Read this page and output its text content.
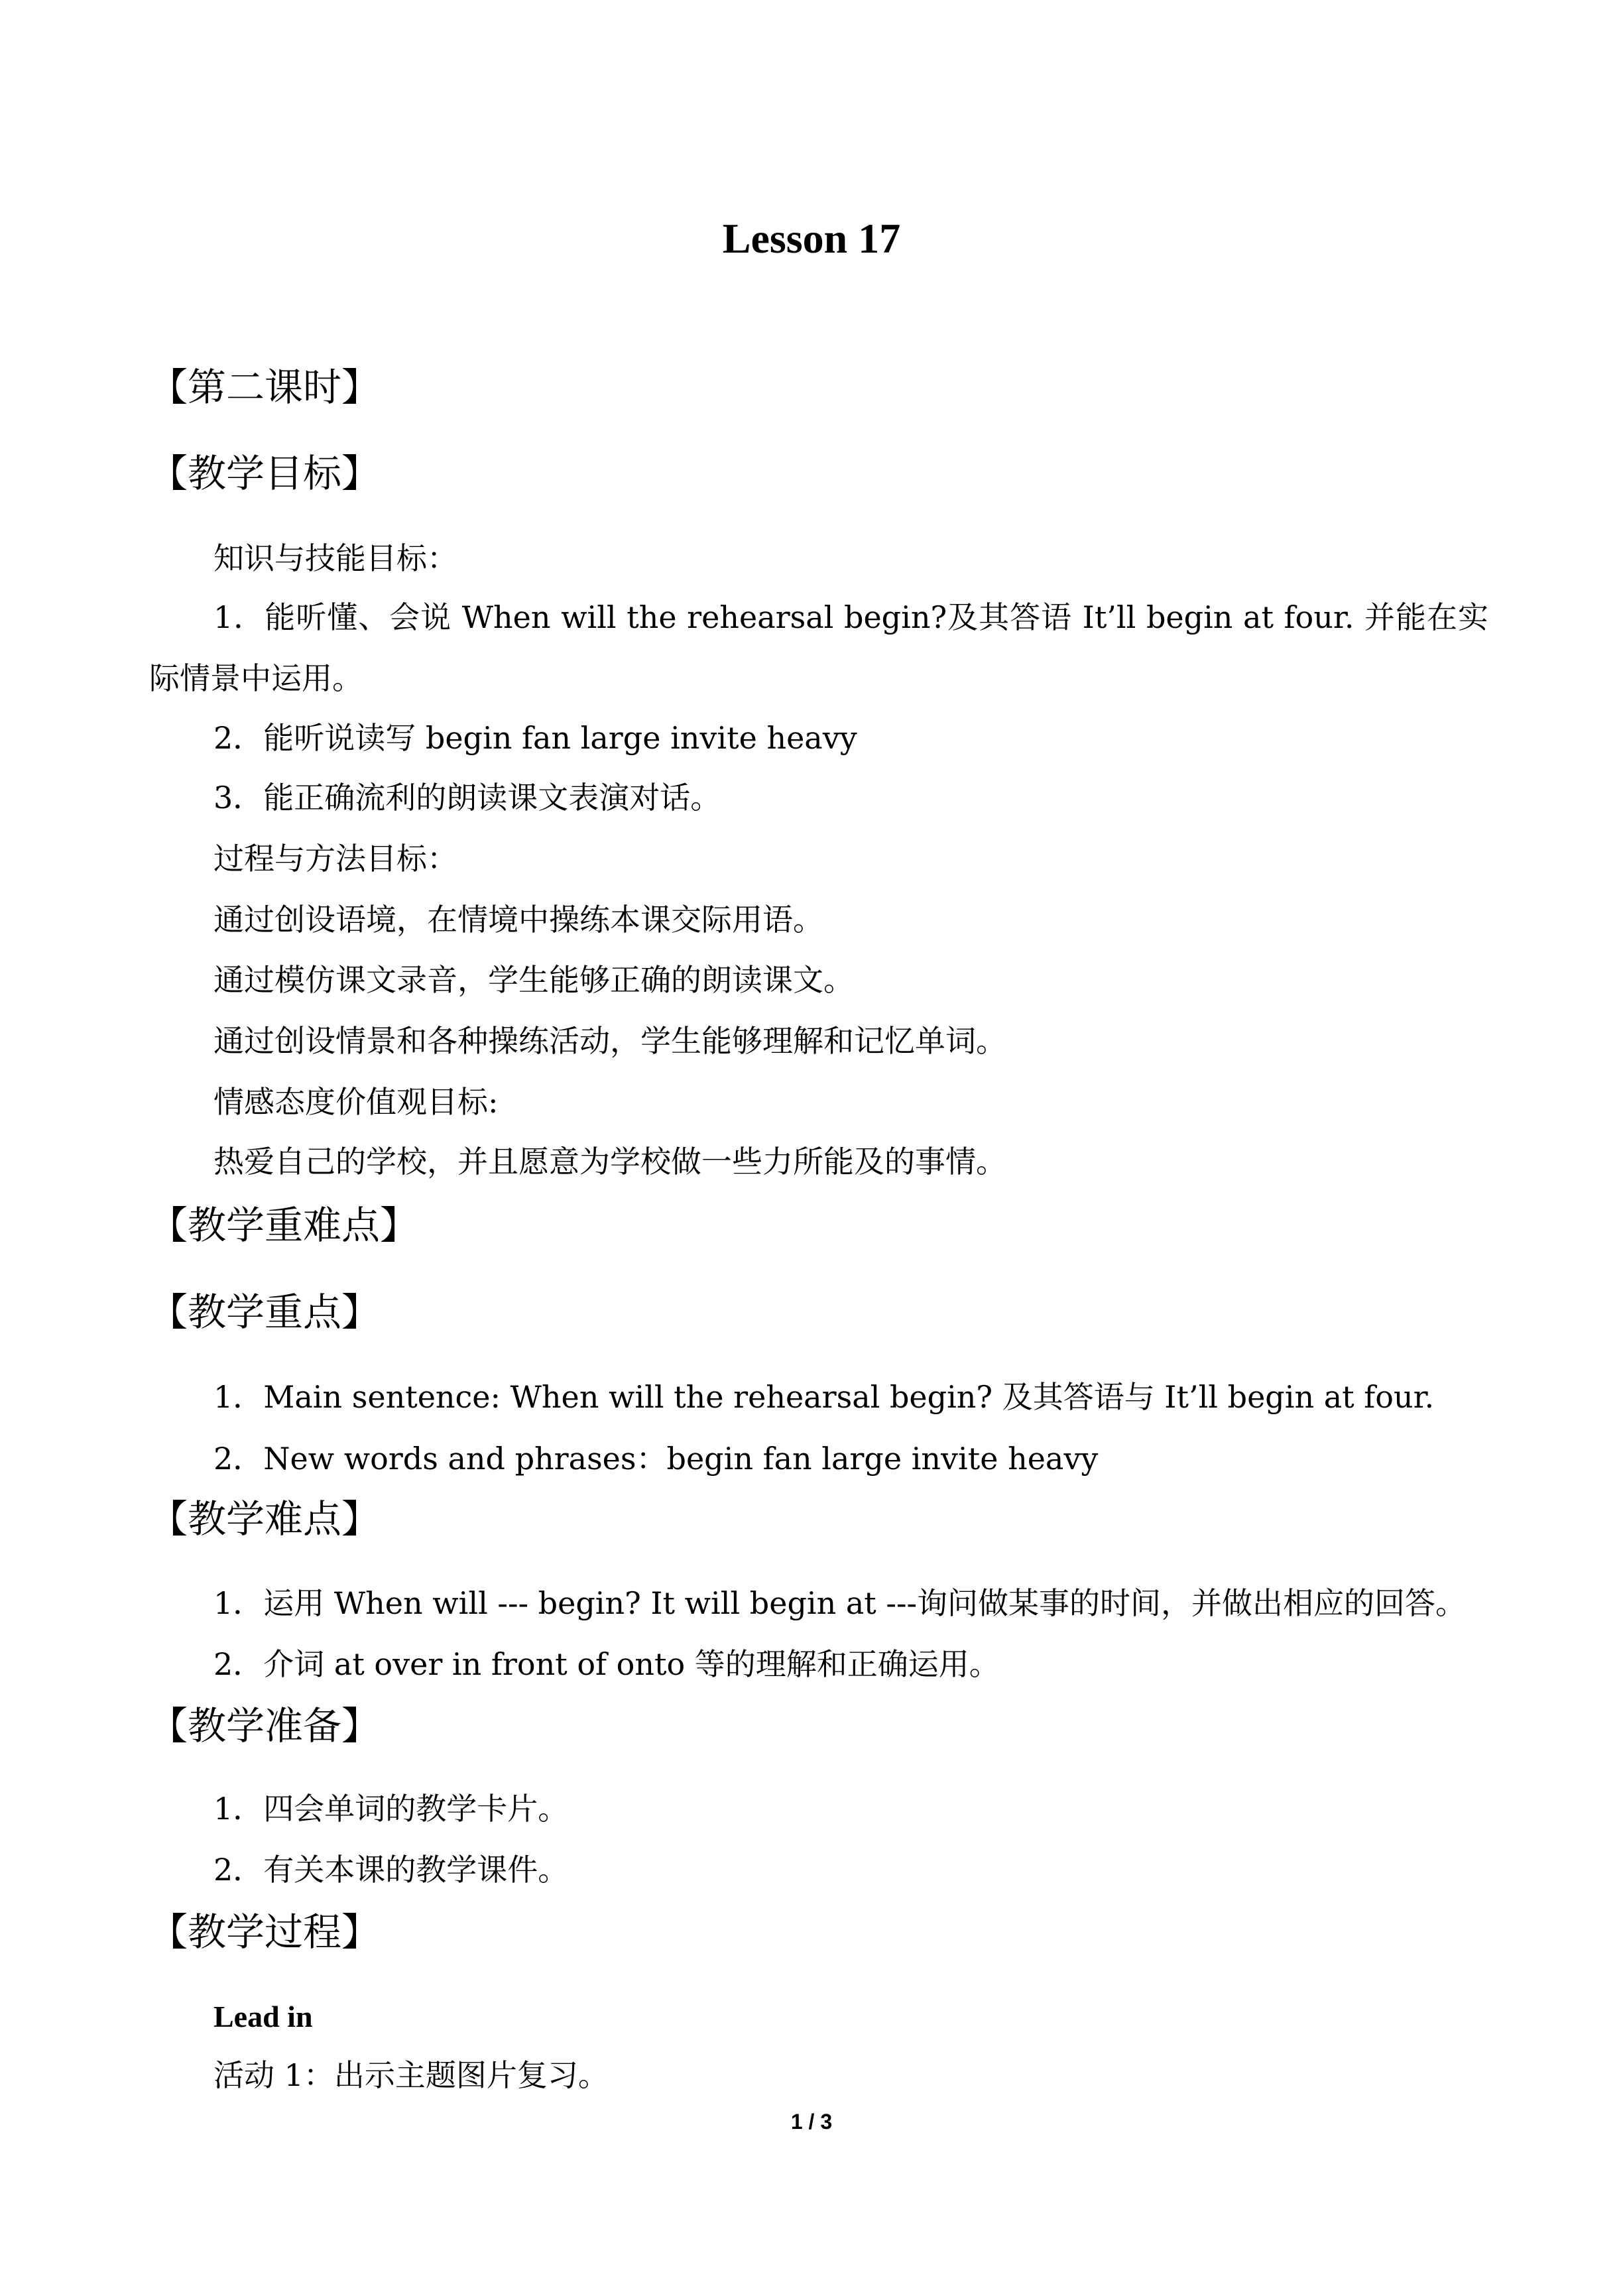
Lesson 17
【第二课时】
【教学目标】
知识与技能目标：
1．能听懂、会说 When will the rehearsal begin?及其答语 It’ll begin at four. 并能在实际情景中运用。
2．能听说读写 begin fan large invite heavy
3．能正确流利的朗读课文表演对话。
过程与方法目标：
通过创设语境，在情境中操练本课交际用语。
通过模仿课文录音，学生能够正确的朗读课文。
通过创设情景和各种操练活动，学生能够理解和记忆单词。
情感态度价值观目标:
热爱自己的学校，并且愿意为学校做一些力所能及的事情。
【教学重难点】
【教学重点】
1．Main sentence: When will the rehearsal begin? 及其答语与 It’ll begin at four.
2．New words and phrases：begin fan large invite heavy
【教学难点】
1．运用 When will --- begin? It will begin at ---询问做某事的时间，并做出相应的回答。
2．介词 at over in front of onto 等的理解和正确运用。
【教学准备】
1．四会单词的教学卡片。
2．有关本课的教学课件。
【教学过程】
Lead in
活动 1：出示主题图片复习。
1 / 3
